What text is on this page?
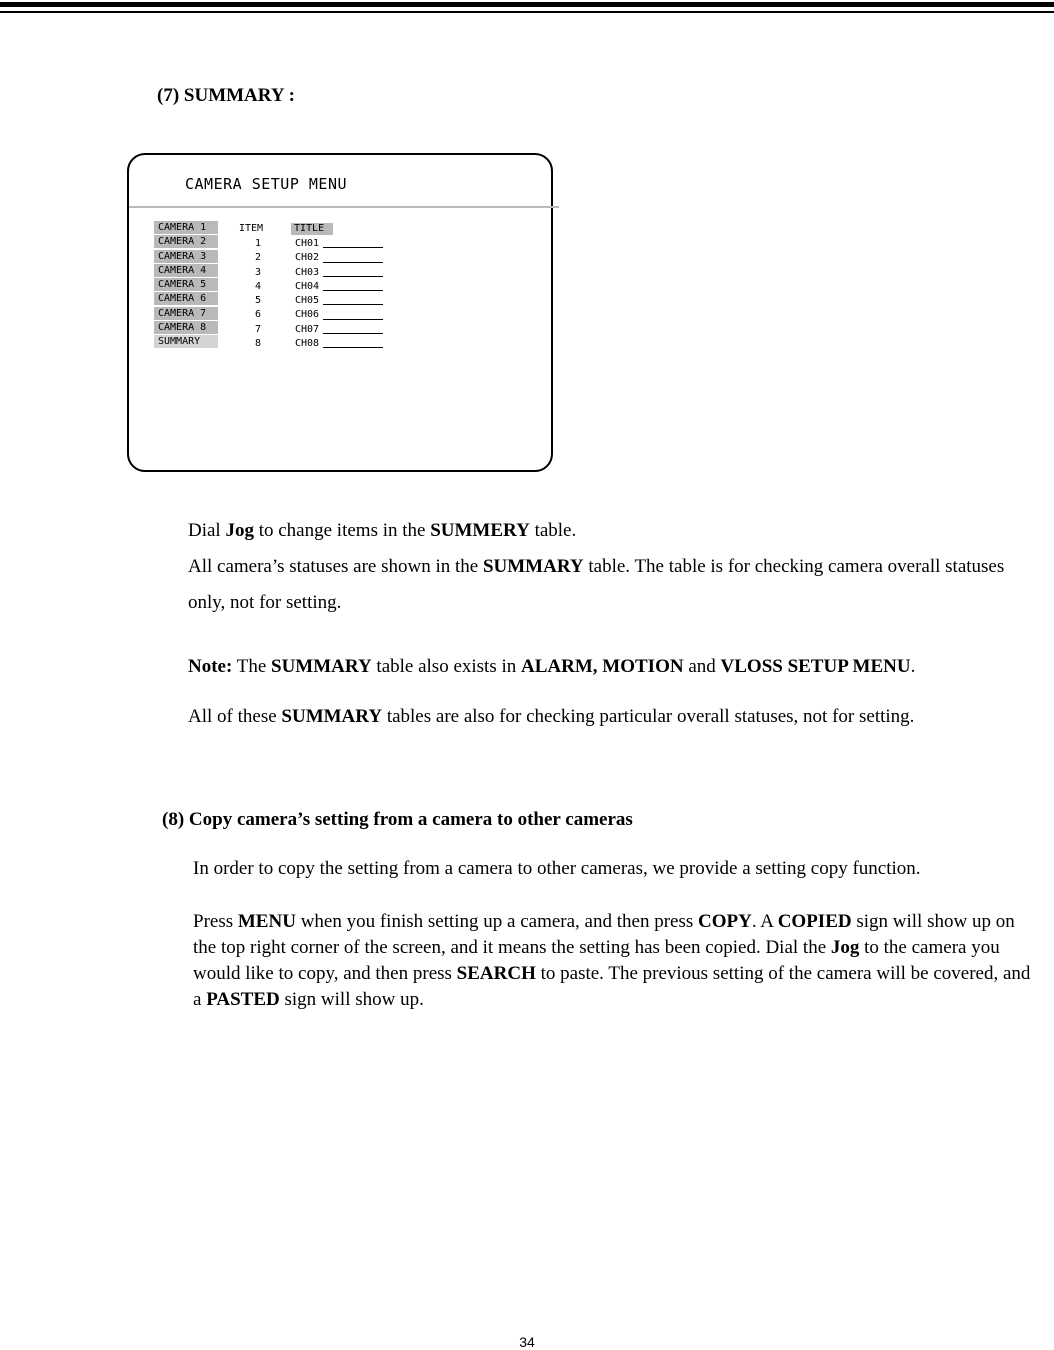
(7) SUMMARY :
CAMERA SETUP MENU
CAMERA 1
CAMERA 2
CAMERA 3
CAMERA 4
CAMERA 5
CAMERA 6
CAMERA 7
CAMERA 8
SUMMARY
ITEM	TITLE
1
2
3
4
5
6
7
8
CH01
CH02
CH03
CH04
CH05
CH06
CH07
CH08
Dial Jog to change items in the SUMMERY table.
All camera’s statuses are shown in the SUMMARY table. The table is for checking camera overall statuses only, not for setting.
Note: The SUMMARY table also exists in ALARM, MOTION and VLOSS SETUP MENU.
All of these SUMMARY tables are also for checking particular overall statuses, not for setting.
(8) Copy camera’s setting from a camera to other cameras
In order to copy the setting from a camera to other cameras, we provide a setting copy function.
Press MENU when you finish setting up a camera, and then press COPY. A COPIED sign will show up on the top right corner of the screen, and it means the setting has been copied. Dial the Jog to the camera you would like to copy, and then press SEARCH to paste. The previous setting of the camera will be covered, and a PASTED sign will show up.
34
